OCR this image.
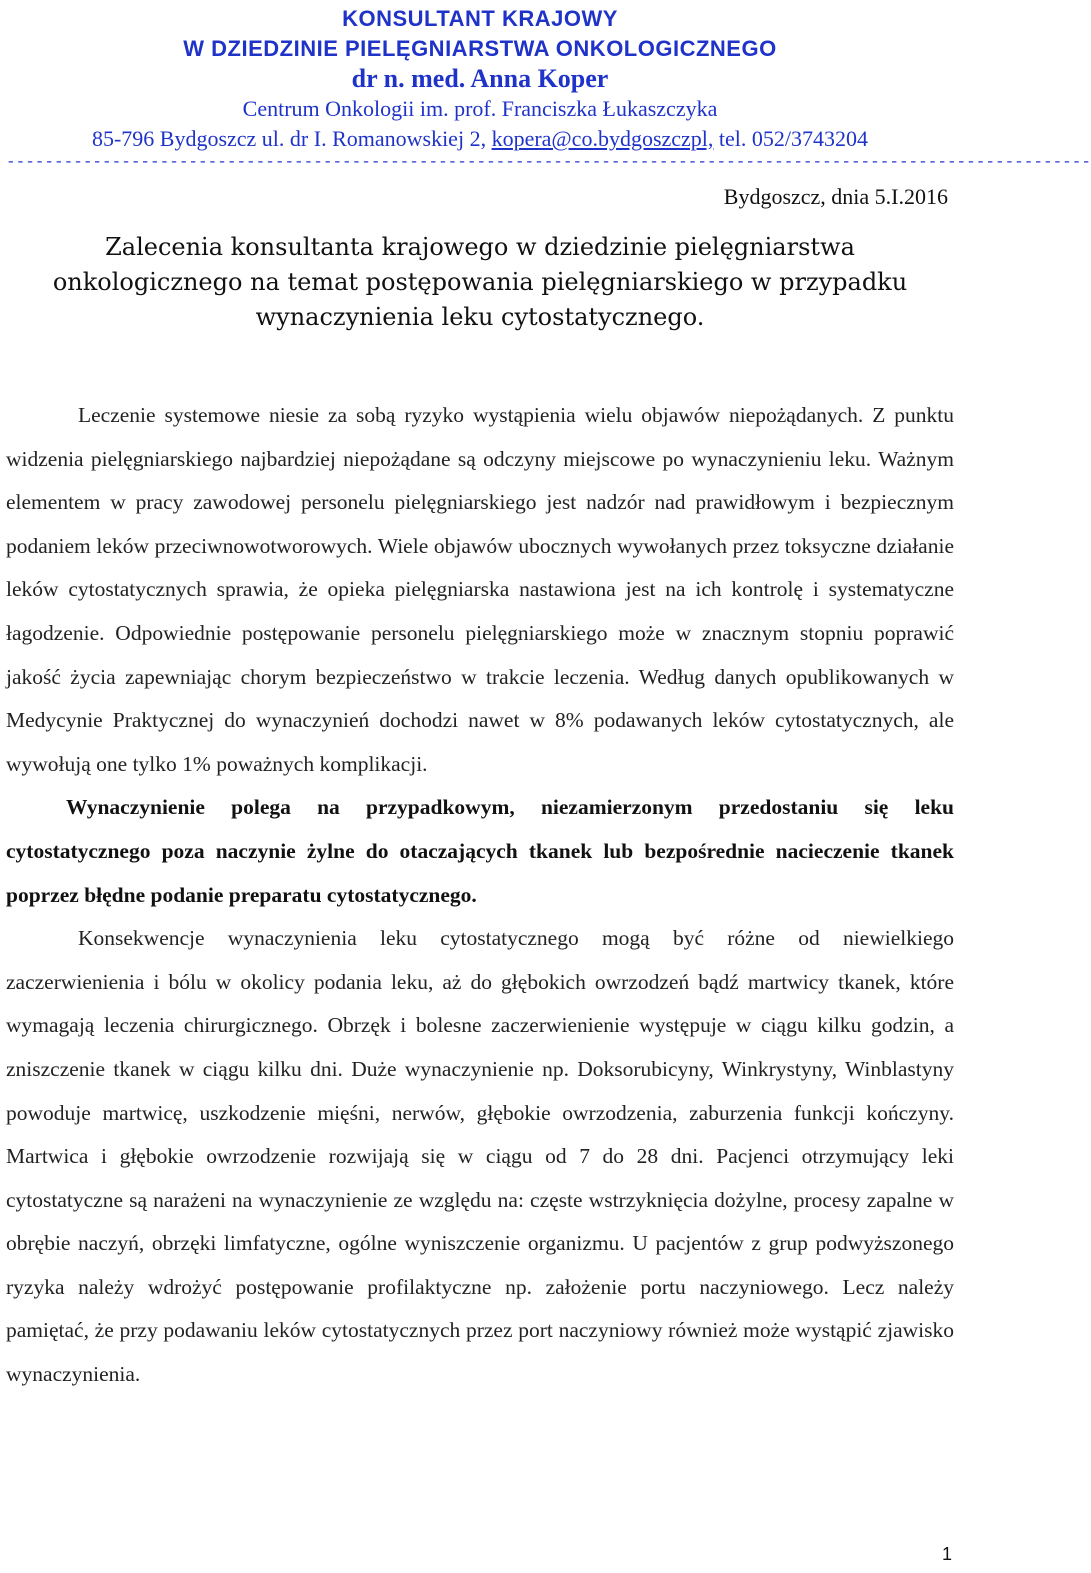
KONSULTANT KRAJOWY
W DZIEDZINIE PIELĘGNIARSTWA ONKOLOGICZNEGO
dr n. med. Anna Koper
Centrum Onkologii im. prof. Franciszka Łukaszczyka
85-796 Bydgoszcz ul. dr I. Romanowskiej 2, kopera@co.bydgoszczpl, tel. 052/3743204
-----------------------------------------------------------------------------------------------------------------
Bydgoszcz, dnia 5.I.2016
Zalecenia konsultanta krajowego w dziedzinie pielęgniarstwa
onkologicznego na temat postępowania pielęgniarskiego w przypadku
wynaczynienia leku cytostatycznego.

Leczenie systemowe niesie za sobą ryzyko wystąpienia wielu objawów niepożądanych. Z punktu widzenia pielęgniarskiego najbardziej niepożądane są odczyny miejscowe po wynaczynieniu leku. Ważnym elementem w pracy zawodowej personelu pielęgniarskiego jest nadzór nad prawidłowym i bezpiecznym podaniem leków przeciwnowotworowych. Wiele objawów ubocznych wywołanych przez toksyczne działanie leków cytostatycznych sprawia, że opieka pielęgniarska nastawiona jest na ich kontrolę i systematyczne łagodzenie. Odpowiednie postępowanie personelu pielęgniarskiego może w znacznym stopniu poprawić jakość życia zapewniając chorym bezpieczeństwo w trakcie leczenia. Według danych opublikowanych w Medycynie Praktycznej do wynaczynień dochodzi nawet w 8% podawanych leków cytostatycznych, ale wywołują one tylko 1% poważnych komplikacji.

Wynaczynienie polega na przypadkowym, niezamierzonym przedostaniu się leku cytostatycznego poza naczynie żylne do otaczających tkanek lub bezpośrednie nacieczenie tkanek poprzez błędne podanie preparatu cytostatycznego.

Konsekwencje wynaczynienia leku cytostatycznego mogą być różne od niewielkiego zaczerwienienia i bólu w okolicy podania leku, aż do głębokich owrzodzeń bądź martwicy tkanek, które wymagają leczenia chirurgicznego. Obrzęk i bolesne zaczerwienienie występuje w ciągu kilku godzin, a zniszczenie tkanek w ciągu kilku dni. Duże wynaczynienie np. Doksorubicyny, Winkrystyny, Winblastyny powoduje martwicę, uszkodzenie mięśni, nerwów, głębokie owrzodzenia, zaburzenia funkcji kończyny. Martwica i głębokie owrzodzenie rozwijają się w ciągu od 7 do 28 dni. Pacjenci otrzymujący leki cytostatyczne są narażeni na wynaczynienie ze względu na: częste wstrzyknięcia dożylne, procesy zapalne w obrębie naczyń, obrzęki limfatyczne, ogólne wyniszczenie organizmu. U pacjentów z grup podwyższonego ryzyka należy wdrożyć postępowanie profilaktyczne np. założenie portu naczyniowego. Lecz należy pamiętać, że przy podawaniu leków cytostatycznych przez port naczyniowy również może wystąpić zjawisko wynaczynienia.

1
